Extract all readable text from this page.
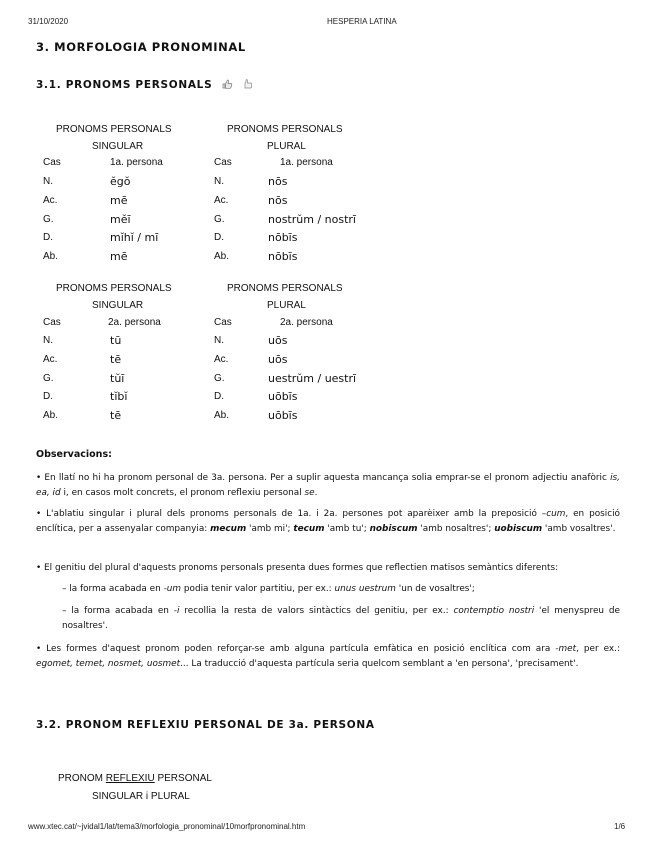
31/10/2020	HESPERIA LATINA
3. MORFOLOGIA PRONOMINAL
3.1. PRONOMS PERSONALS
PRONOMS PERSONALS
SINGULAR
Cas	1a. persona
PRONOMS PERSONALS
PLURAL
Cas	1a. persona
N.	ĕgŏ	N.	nōs
Ac.	mē	Ac.	nōs
G.	mĕī	G.	nostrŭm / nostrī
D.	mĭhĭ / mī	D.	nōbīs
Ab.	mē	Ab.	nōbīs
PRONOMS PERSONALS
SINGULAR
Cas	2a. persona
PRONOMS PERSONALS
PLURAL
Cas	2a. persona
N.	tū	N.	uōs
Ac.	tē	Ac.	uōs
G.	tŭī	G.	uestrŭm / uestrī
D.	tĭbĭ	D.	uōbīs
Ab.	tē	Ab.	uōbīs
Observacions:
• En llatí no hi ha pronom personal de 3a. persona. Per a suplir aquesta mancança solia emprar-se el pronom adjectiu anafòric is, ea, id i, en casos molt concrets, el pronom reflexiu personal se.
• L'ablatiu singular i plural dels pronoms personals de 1a. i 2a. persones pot aparèixer amb la preposició –cum, en posició enclítica, per a assenyalar companyia: mecum 'amb mi'; tecum 'amb tu'; nobiscum 'amb nosaltres'; uobiscum 'amb vosaltres'.
• El genitiu del plural d'aquests pronoms personals presenta dues formes que reflectien matisos semàntics diferents:
– la forma acabada en -um podia tenir valor partitiu, per ex.: unus uestrum 'un de vosaltres';
– la forma acabada en -i recollia la resta de valors sintàctics del genitiu, per ex.: contemptio nostri 'el menyspreu de nosaltres'.
• Les formes d'aquest pronom poden reforçar-se amb alguna partícula emfàtica en posició enclítica com ara -met, per ex.: egomet, temet, nosmet, uosmet... La traducció d'aquesta partícula seria quelcom semblant a 'en persona', 'precisament'.
3.2. PRONOM REFLEXIU PERSONAL DE 3a. PERSONA
PRONOM REFLEXIU PERSONAL
SINGULAR i PLURAL
www.xtec.cat/~jvidal1/lat/tema3/morfologia_pronominal/10morfpronominal.htm	1/6
